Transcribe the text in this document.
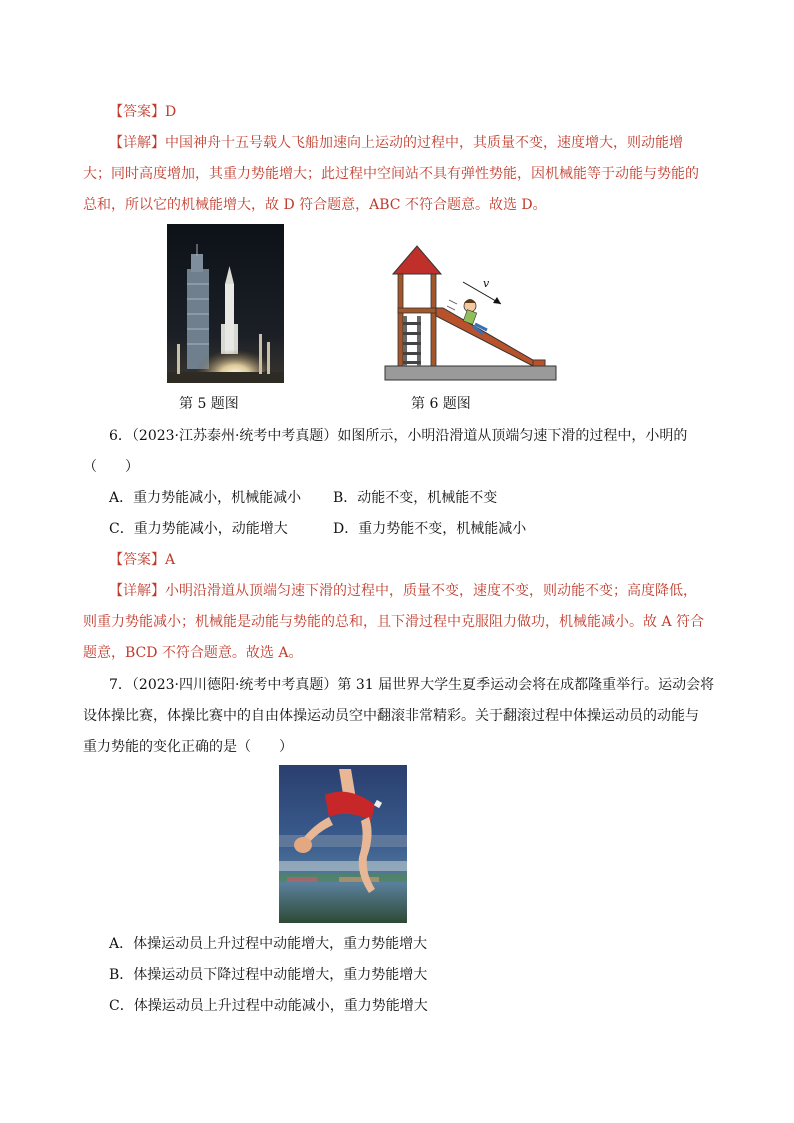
【答案】D
【详解】中国神舟十五号载人飞船加速向上运动的过程中，其质量不变，速度增大，则动能增
大；同时高度增加，其重力势能增大；此过程中空间站不具有弹性势能，因机械能等于动能与势能的
总和，所以它的机械能增大，故 D 符合题意，ABC 不符合题意。故选 D。
v
第 5 题图	第 6 题图
6．（2023·江苏泰州·统考中考真题）如图所示，小明沿滑道从顶端匀速下滑的过程中，小明的
（　　）
A．重力势能减小，机械能减小 B．动能不变，机械能不变
C．重力势能减小，动能增大	D．重力势能不变，机械能减小
【答案】A
【详解】小明沿滑道从顶端匀速下滑的过程中，质量不变，速度不变，则动能不变；高度降低，
则重力势能减小；机械能是动能与势能的总和，且下滑过程中克服阻力做功，机械能减小。故 A 符合
题意，BCD 不符合题意。故选 A。
7．（2023·四川德阳·统考中考真题）第 31 届世界大学生夏季运动会将在成都隆重举行。运动会将
设体操比赛，体操比赛中的自由体操运动员空中翻滚非常精彩。关于翻滚过程中体操运动员的动能与
重力势能的变化正确的是（　　）
A．体操运动员上升过程中动能增大，重力势能增大
B．体操运动员下降过程中动能增大，重力势能增大
C．体操运动员上升过程中动能减小，重力势能增大
